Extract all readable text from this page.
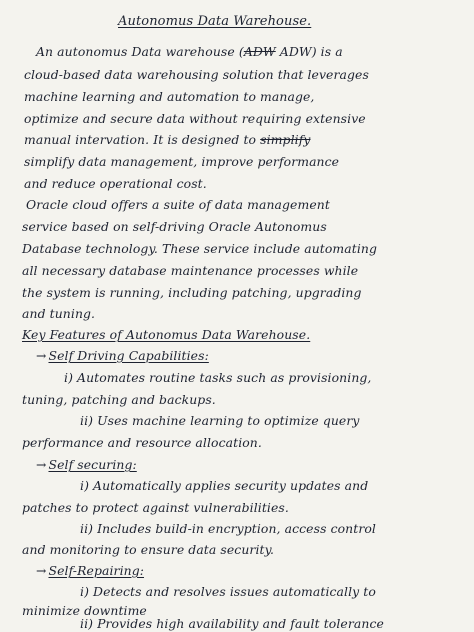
Autonomus Data Warehouse.
An autonomus Data warehouse (ADW ADW) is a
cloud-based data warehousing solution that leverages
machine learning and automation to manage,
optimize and secure data without requiring extensive
manual intervation. It is designed to simplify
simplify data management, improve performance
and reduce operational cost.
Oracle cloud offers a suite of data management
service based on self-driving Oracle Autonomus
Database technology. These service include automating
all necessary database maintenance processes while
the system is running, including patching, upgrading
and tuning.
Key Features of Autonomus Data Warehouse.
→ Self Driving Capabilities:
i) Automates routine tasks such as provisioning,
tuning, patching and backups.
ii) Uses machine learning to optimize query
performance and resource allocation.
→ Self securing:
i) Automatically applies security updates and
patches to protect against vulnerabilities.
ii) Includes build-in encryption, access control
and monitoring to ensure data security.
→ Self-Repairing:
i) Detects and resolves issues automatically to
minimize downtime
ii) Provides high availability and fault tolerance
